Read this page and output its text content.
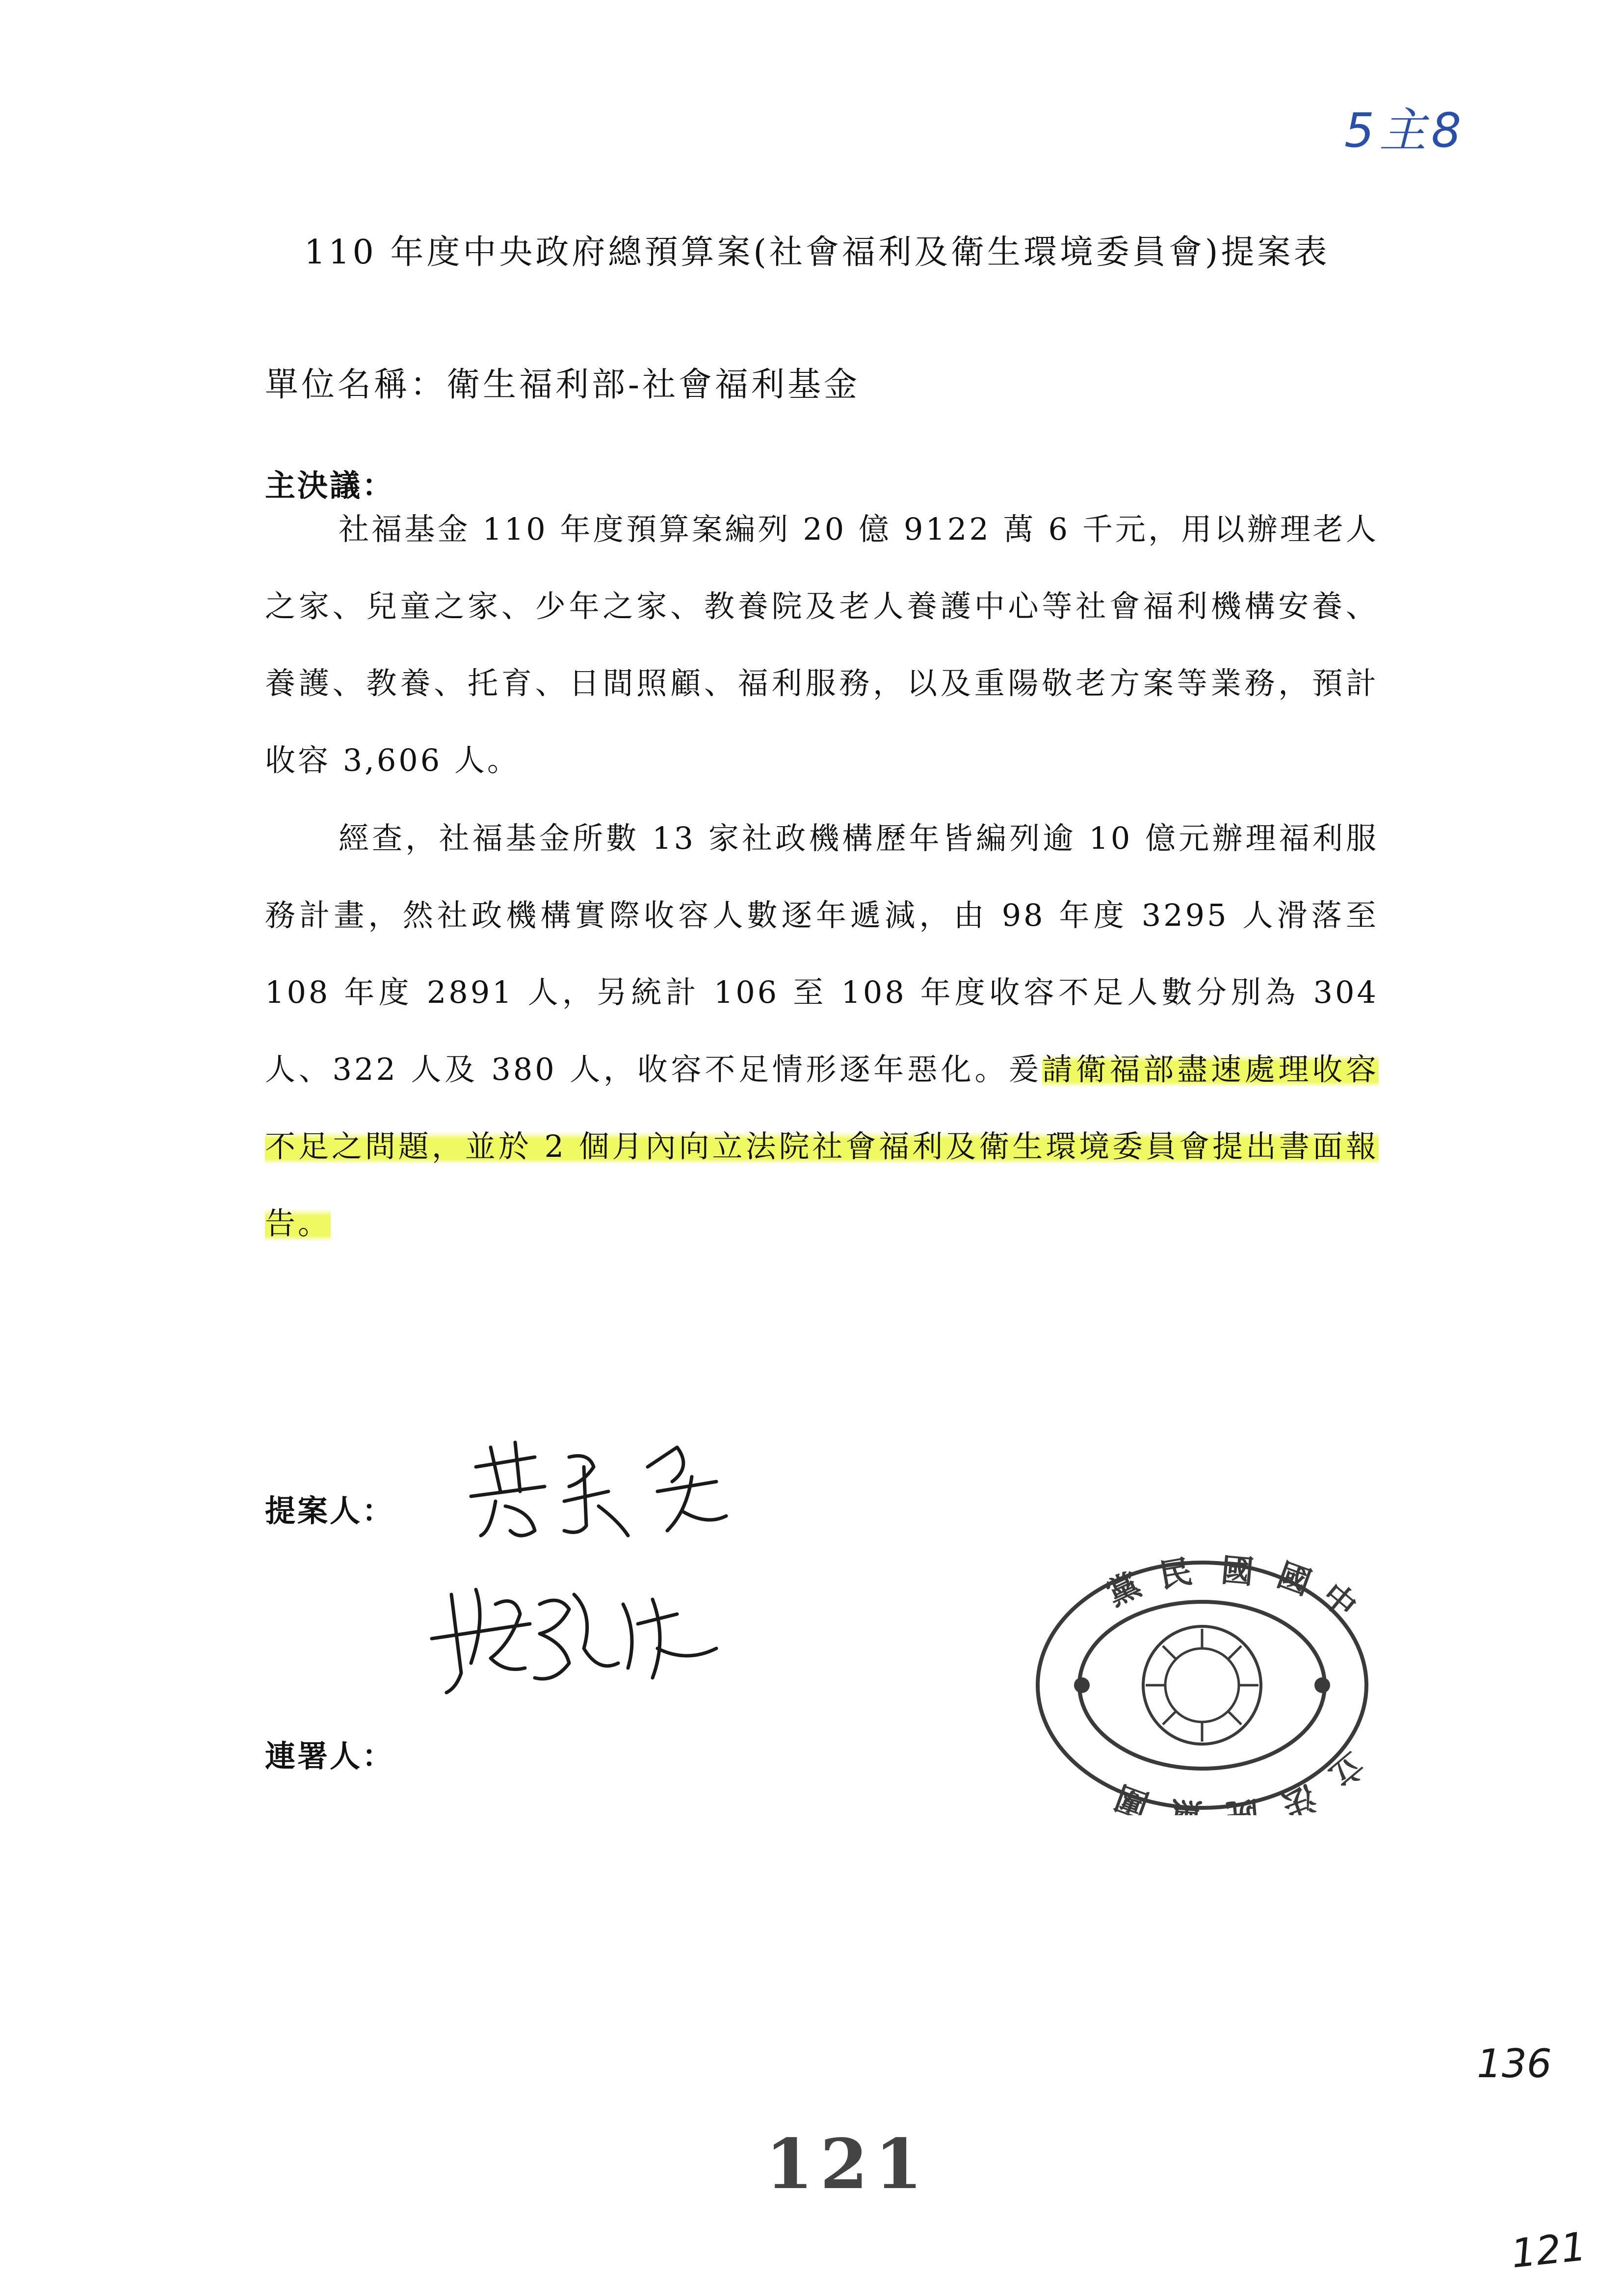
5主8
110 年度中央政府總預算案(社會福利及衛生環境委員會)提案表
單位名稱：衛生福利部-社會福利基金
主決議：

社福基金 110 年度預算案編列 20 億 9122 萬 6 千元，用以辦理老人之家、兒童之家、少年之家、教養院及老人養護中心等社會福利機構安養、養護、教養、托育、日間照顧、福利服務，以及重陽敬老方案等業務，預計收容 3,606 人。

經查，社福基金所數 13 家社政機構歷年皆編列逾 10 億元辦理福利服務計畫，然社政機構實際收容人數逐年遞減，由 98 年度 3295 人滑落至 108 年度 2891 人，另統計 106 至 108 年度收容不足人數分別為 304 人、322 人及 380 人，收容不足情形逐年惡化。爰請衛福部盡速處理收容不足之問題，並於 2 個月內向立法院社會福利及衛生環境委員會提出書面報告。

提案人：
連署人：
中
國
國
民
黨
立
法
院
黨
團
121
136
121
